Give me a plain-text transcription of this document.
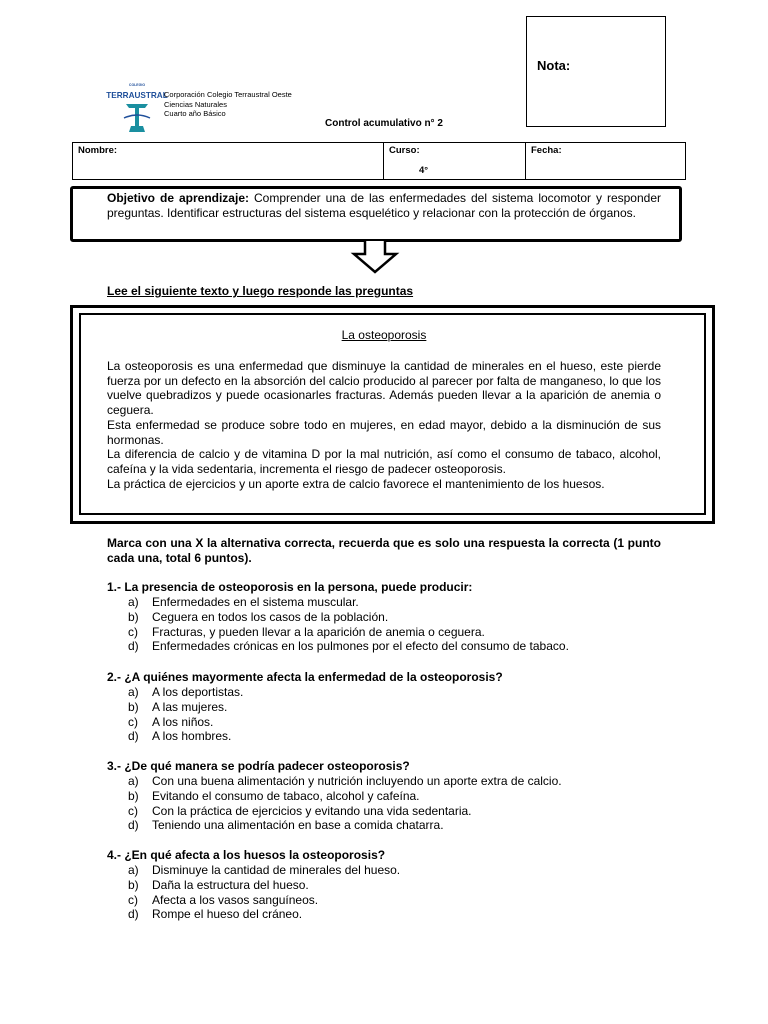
Nota:
COLEGIO
TERRAUSTRAL
Corporación Colegio Terraustral Oeste
Ciencias Naturales
Cuarto año Básico
Control acumulativo n° 2
Nombre:	Curso:
4°
Fecha:
Objetivo de aprendizaje: Comprender una de las enfermedades del sistema locomotor y responder preguntas. Identificar estructuras del sistema esquelético y relacionar con la protección de órganos.
Lee el siguiente texto y luego responde las preguntas
La osteoporosis

La osteoporosis es una enfermedad que disminuye la cantidad de minerales en el hueso, este pierde fuerza por un defecto en la absorción del calcio producido al parecer por falta de manganeso, lo que los vuelve quebradizos y puede ocasionarles fracturas. Además pueden llevar a la aparición de anemia o ceguera.

Esta enfermedad se produce sobre todo en mujeres, en edad mayor, debido a la disminución de sus hormonas.

La diferencia de calcio y de vitamina D por la mal nutrición, así como el consumo de tabaco, alcohol, cafeína y la vida sedentaria, incrementa el riesgo de padecer osteoporosis.

La práctica de ejercicios y un aporte extra de calcio favorece el mantenimiento de los huesos.

Marca con una X la alternativa correcta, recuerda que es solo una respuesta la correcta (1 punto cada una, total 6 puntos).
1.- La presencia de osteoporosis en la persona, puede producir:
a) Enfermedades en el sistema muscular.
b) Ceguera en todos los casos de la población.
c) Fracturas, y pueden llevar a la aparición de anemia o ceguera.
d) Enfermedades crónicas en los pulmones por el efecto del consumo de tabaco.
2.- ¿A quiénes mayormente afecta la enfermedad de la osteoporosis?
a) A los deportistas.
b) A las mujeres.
c) A los niños.
d) A los hombres.
3.- ¿De qué manera se podría padecer osteoporosis?
a) Con una buena alimentación y nutrición incluyendo un aporte extra de calcio.
b) Evitando el consumo de tabaco, alcohol y cafeína.
c) Con la práctica de ejercicios y evitando una vida sedentaria.
d) Teniendo una alimentación en base a comida chatarra.
4.- ¿En qué afecta a los huesos la osteoporosis?
a) Disminuye la cantidad de minerales del hueso.
b) Daña la estructura del hueso.
c) Afecta a los vasos sanguíneos.
d) Rompe el hueso del cráneo.
